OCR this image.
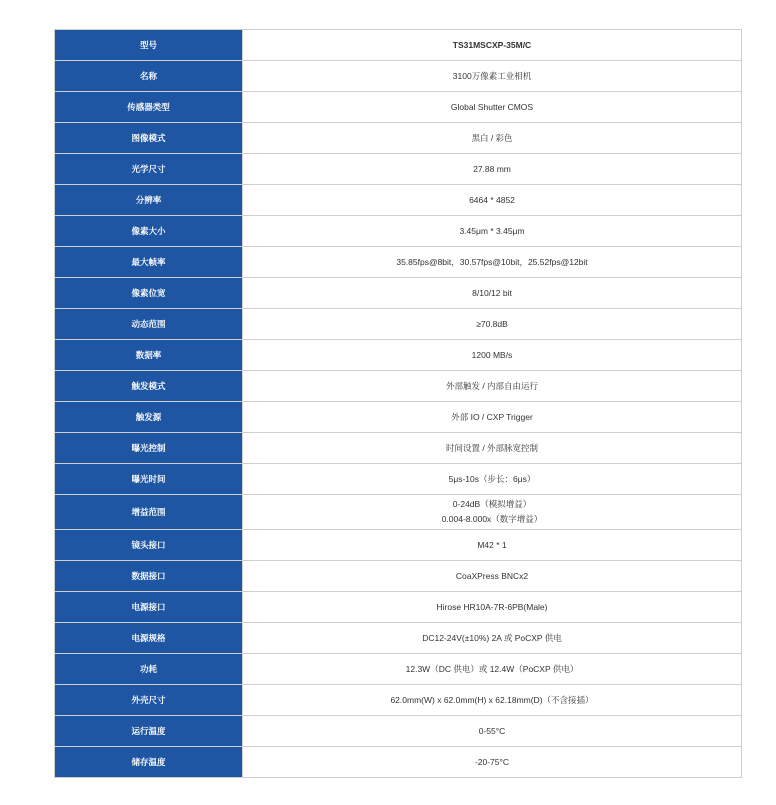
型号	TS31MSCXP-35M/C
名称	3100万像素工业相机
传感器类型	Global Shutter CMOS
图像模式	黑白 / 彩色
光学尺寸	27.88 mm
分辨率	6464 * 4852
像素大小	3.45μm * 3.45μm
最大帧率	35.85fps@8bit，30.57fps@10bit，25.52fps@12bit
像素位宽	8/10/12 bit
动态范围	≥70.8dB
数据率	1200 MB/s
触发模式	外部触发 / 内部自由运行
触发源	外部 IO / CXP Trigger
曝光控制	时间设置 / 外部脉宽控制
曝光时间	5μs-10s（步长：6μs）
增益范围	0-24dB（模拟增益）
0.004-8.000x（数字增益）

镜头接口	M42 * 1
数据接口	CoaXPress BNCx2
电源接口	Hirose HR10A-7R-6PB(Male)
电源规格	DC12-24V(±10%) 2A 或 PoCXP 供电
功耗	12.3W（DC 供电）或 12.4W（PoCXP 供电）
外壳尺寸	62.0mm(W) x 62.0mm(H) x 62.18mm(D)（不含接插）
运行温度	0-55°C
储存温度	-20-75°C
